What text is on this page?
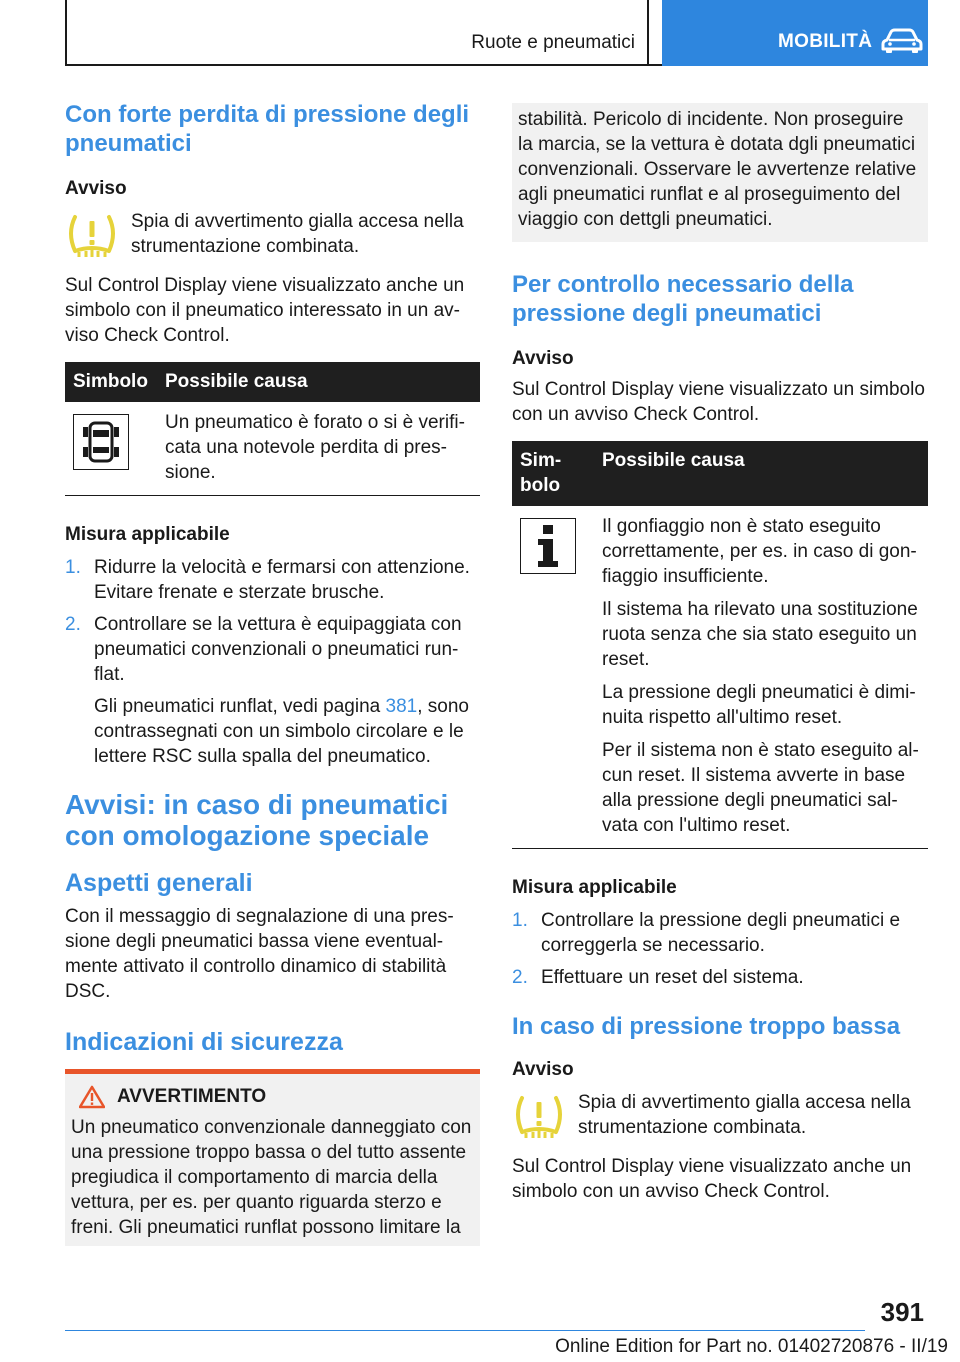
Ruote e pneumatici	MOBILITÀ
Con forte perdita di pressione degli pneumatici

Avviso

Spia di avvertimento gialla accesa nella strumentazione combinata.

Sul Control Display viene visualizzato anche un simbolo con il pneumatico interessato in un av‐viso Check Control.

Simbolo	Possibile causa

	Un pneumatico è forato o si è verifi‐cata una notevole perdita di pres‐sione.

Misura applicabile

1. Ridurre la velocità e fermarsi con attenzione. Evitare frenate e sterzate brusche.
2. Controllare se la vettura è equipaggiata con pneumatici convenzionali o pneumatici run‐flat.

Gli pneumatici runflat, vedi pagina 381, sono contrassegnati con un simbolo circolare e le lettere RSC sulla spalla del pneumatico.

Avvisi: in caso di pneumatici con omologazione speciale
Aspetti generali

Con il messaggio di segnalazione di una pres‐sione degli pneumatici bassa viene eventual‐mente attivato il controllo dinamico di stabilità DSC.

Indicazioni di sicurezza
AVVERTIMENTO

Un pneumatico convenzionale danneggiato con una pressione troppo bassa o del tutto assente pregiudica il comportamento di marcia della vettura, per es. per quanto riguarda sterzo e freni. Gli pneumatici runflat possono limitare la

stabilità. Pericolo di incidente. Non proseguire la marcia, se la vettura è dotata dgli pneumatici convenzionali. Osservare le avvertenze relative agli pneumatici runflat e al proseguimento del viaggio con dettgli pneumatici.

Per controllo necessario della pressione degli pneumatici

Avviso

Sul Control Display viene visualizzato un simbolo con un avviso Check Control.

Sim‐bolo	Possibile causa

Il gonfiaggio non è stato eseguito correttamente, per es. in caso di gon‐fiaggio insufficiente.

Il sistema ha rilevato una sostituzione ruota senza che sia stato eseguito un reset.

La pressione degli pneumatici è dimi‐nuita rispetto all'ultimo reset.

Per il sistema non è stato eseguito al‐cun reset. Il sistema avverte in base alla pressione degli pneumatici sal‐vata con l'ultimo reset.

Misura applicabile

1. Controllare la pressione degli pneumatici e correggerla se necessario.
2. Effettuare un reset del sistema.
In caso di pressione troppo bassa

Avviso

Spia di avvertimento gialla accesa nella strumentazione combinata.

Sul Control Display viene visualizzato anche un simbolo con un avviso Check Control.

391
Online Edition for Part no. 01402720876 - II/19
